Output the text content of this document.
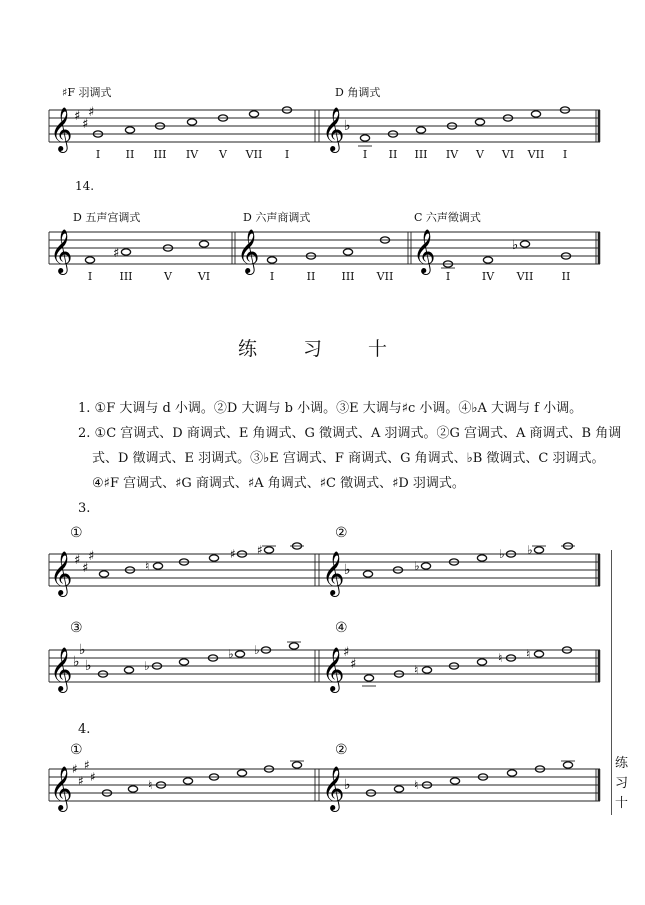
♯F 羽调式	D 角调式
𝄞 ♯
♯
♯	𝄞 ♭
I	II	III	IV	V	VII	I	I	II	III	IV	V	VI	VII	I
14.
D 五声宫调式	D 六声商调式	C 六声徵调式
𝄞	𝄞	𝄞
♯
♭
I	III	V	VI	I	II	III	VII	I	IV	VII	II
练 习 十
1. ①F 大调与 d 小调。②D 大调与 b 小调。③E 大调与♯c 小调。④♭A 大调与 f 小调。
2. ①C 宫调式、D 商调式、E 角调式、G 徵调式、A 羽调式。②G 宫调式、A 商调式、B 角调
式、D 徵调式、E 羽调式。③♭E 宫调式、F 商调式、G 角调式、♭B 徵调式、C 羽调式。
④♯F 宫调式、♯G 商调式、♯A 角调式、♯C 徵调式、♯D 羽调式。
3.
①	②
𝄞 ♯
♯
♯	𝄞 ♭
♮
♯ ♯
♭
♭ ♭
③	④
𝄞 ♭
♭
♭	𝄞
♯
♯
♭
♭ ♭
♮
♮ ♮
4.
①	②
𝄞 ♯
♯
♯
♯	𝄞 ♭
♮	♮
练
习
十
